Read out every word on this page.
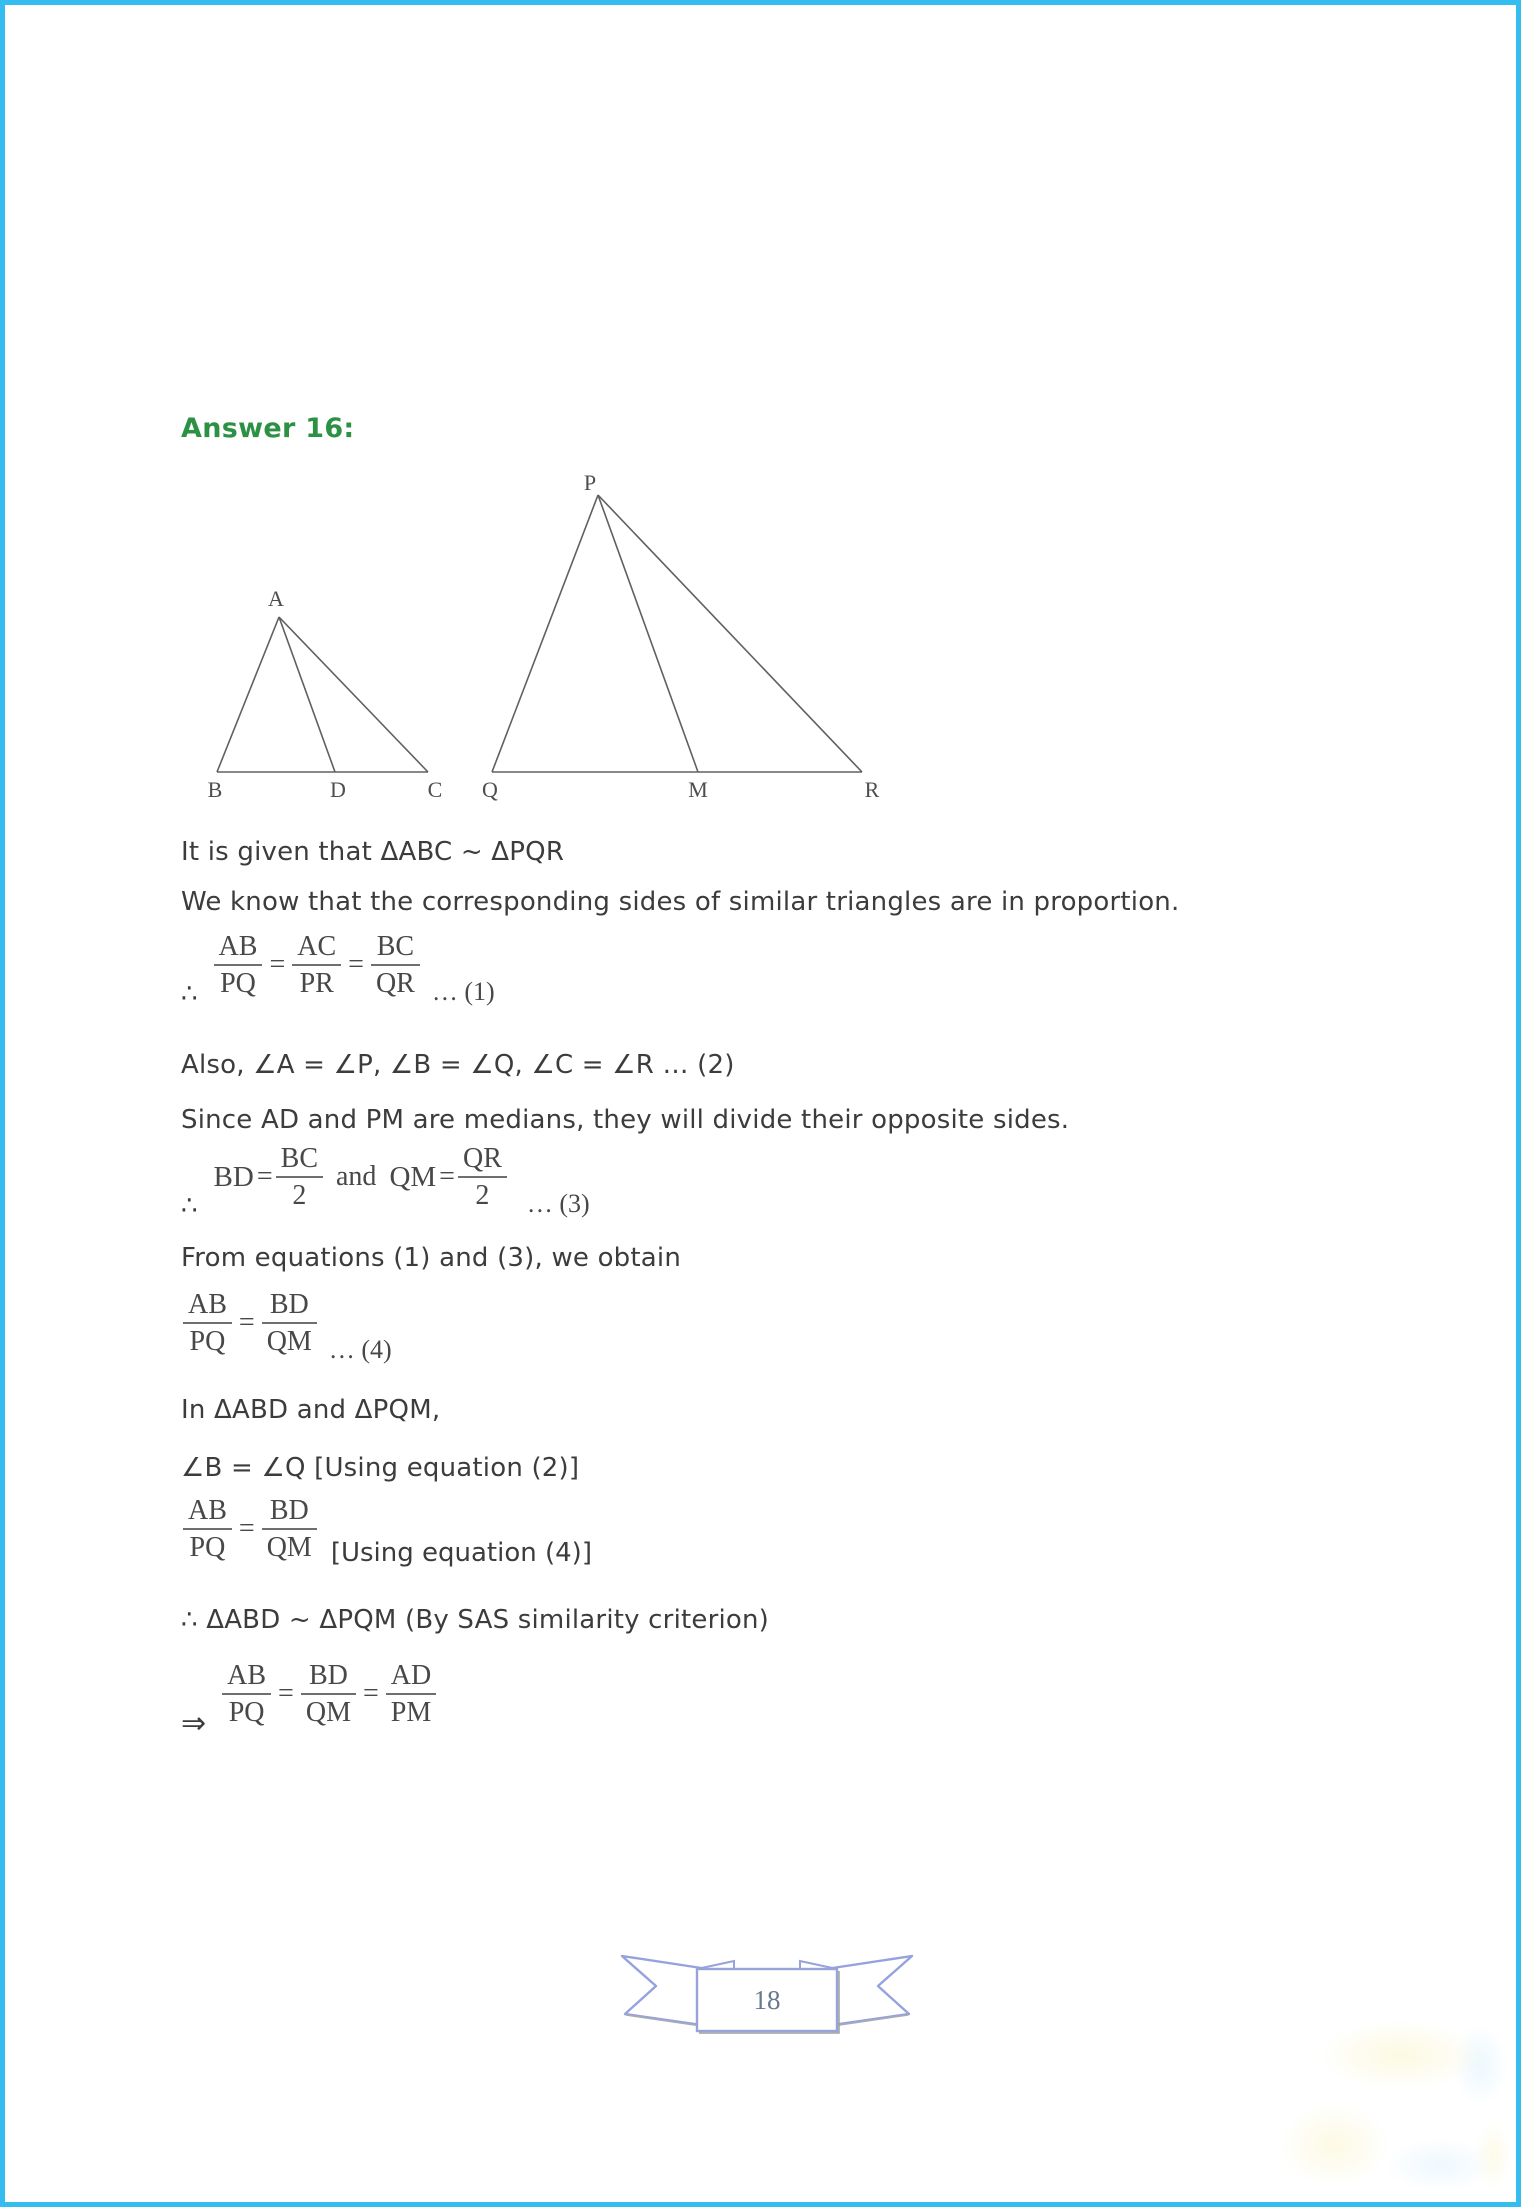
Answer 16:
A
B	D	C
P
Q	M	R
It is given that ΔABC ~ ΔPQR
We know that the corresponding sides of similar triangles are in proportion.
∴ $\frac{AB}{PQ} = \frac{AC}{PR} = \frac{BC}{QR}$ … (1)
Also, ∠A = ∠P, ∠B = ∠Q, ∠C = ∠R … (2)
Since AD and PM are medians, they will divide their opposite sides.
∴
BD = $\frac{BC}{2}$ and QM = $\frac{QR}{2}$ … (3)
From equations (1) and (3), we obtain
$\frac{AB}{PQ} = \frac{BD}{QM}$ … (4)
In ΔABD and ΔPQM,
∠B = ∠Q [Using equation (2)]
$\frac{AB}{PQ} = \frac{BD}{QM} [Using$ equation (4)]
∴ ΔABD ~ ΔPQM (By SAS similarity criterion)
⇒ $\frac{AB}{PQ} = \frac{BD}{QM} = \frac{AD}{PM}$
18
